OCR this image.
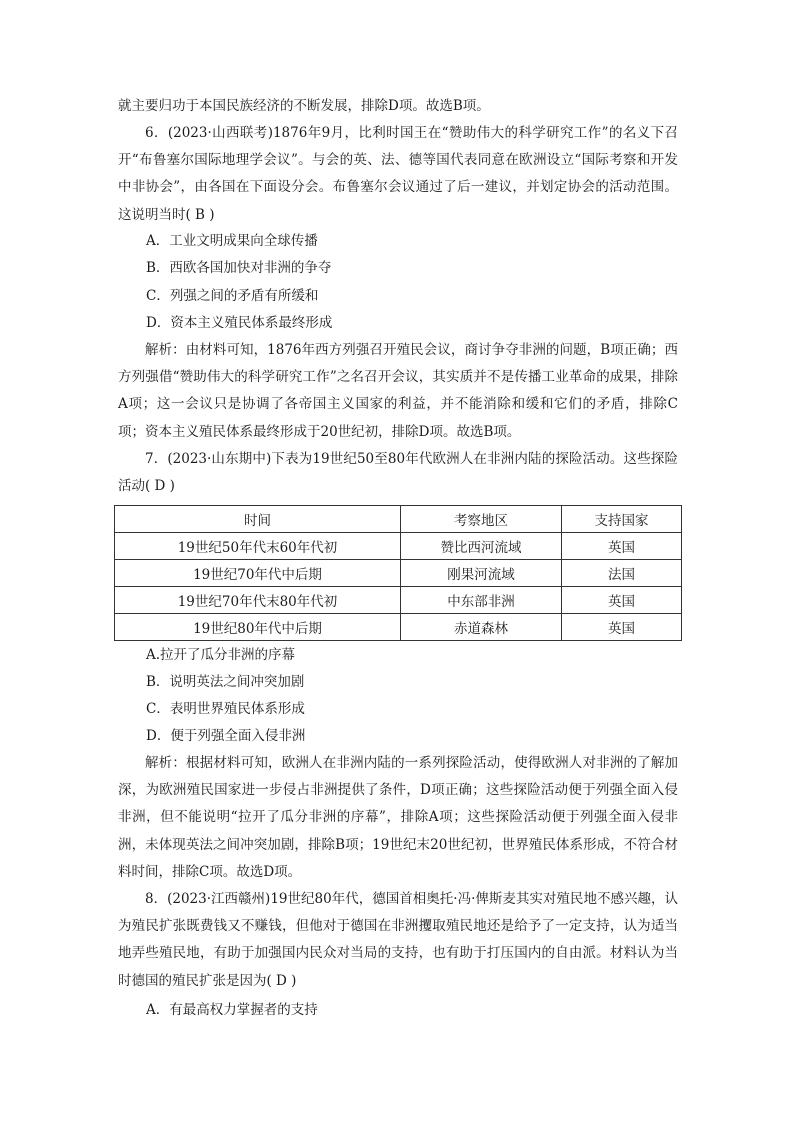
就主要归功于本国民族经济的不断发展，排除D项。故选B项。

6．(2023·山西联考)1876年9月，比利时国王在“赞助伟大的科学研究工作”的名义下召开“布鲁塞尔国际地理学会议”。与会的英、法、德等国代表同意在欧洲设立“国际考察和开发中非协会”，由各国在下面设分会。布鲁塞尔会议通过了后一建议，并划定协会的活动范围。这说明当时( B )

A．工业文明成果向全球传播

B．西欧各国加快对非洲的争夺

C．列强之间的矛盾有所缓和

D．资本主义殖民体系最终形成

解析：由材料可知，1876年西方列强召开殖民会议，商讨争夺非洲的问题，B项正确；西方列强借“赞助伟大的科学研究工作”之名召开会议，其实质并不是传播工业革命的成果，排除A项；这一会议只是协调了各帝国主义国家的利益，并不能消除和缓和它们的矛盾，排除C项；资本主义殖民体系最终形成于20世纪初，排除D项。故选B项。

7．(2023·山东期中)下表为19世纪50至80年代欧洲人在非洲内陆的探险活动。这些探险活动( D )

时间	考察地区	支持国家
19世纪50年代末60年代初	赞比西河流域	英国
19世纪70年代中后期	刚果河流域	法国
19世纪70年代末80年代初	中东部非洲	英国
19世纪80年代中后期	赤道森林	英国

A.拉开了瓜分非洲的序幕

B．说明英法之间冲突加剧

C．表明世界殖民体系形成

D．便于列强全面入侵非洲

解析：根据材料可知，欧洲人在非洲内陆的一系列探险活动，使得欧洲人对非洲的了解加深，为欧洲殖民国家进一步侵占非洲提供了条件，D项正确；这些探险活动便于列强全面入侵非洲，但不能说明“拉开了瓜分非洲的序幕”，排除A项；这些探险活动便于列强全面入侵非洲，未体现英法之间冲突加剧，排除B项；19世纪末20世纪初，世界殖民体系形成，不符合材料时间，排除C项。故选D项。

8．(2023·江西赣州)19世纪80年代，德国首相奥托·冯·俾斯麦其实对殖民地不感兴趣，认为殖民扩张既费钱又不赚钱，但他对于德国在非洲攫取殖民地还是给予了一定支持，认为适当地弄些殖民地，有助于加强国内民众对当局的支持，也有助于打压国内的自由派。材料认为当时德国的殖民扩张是因为( D )

A．有最高权力掌握者的支持
